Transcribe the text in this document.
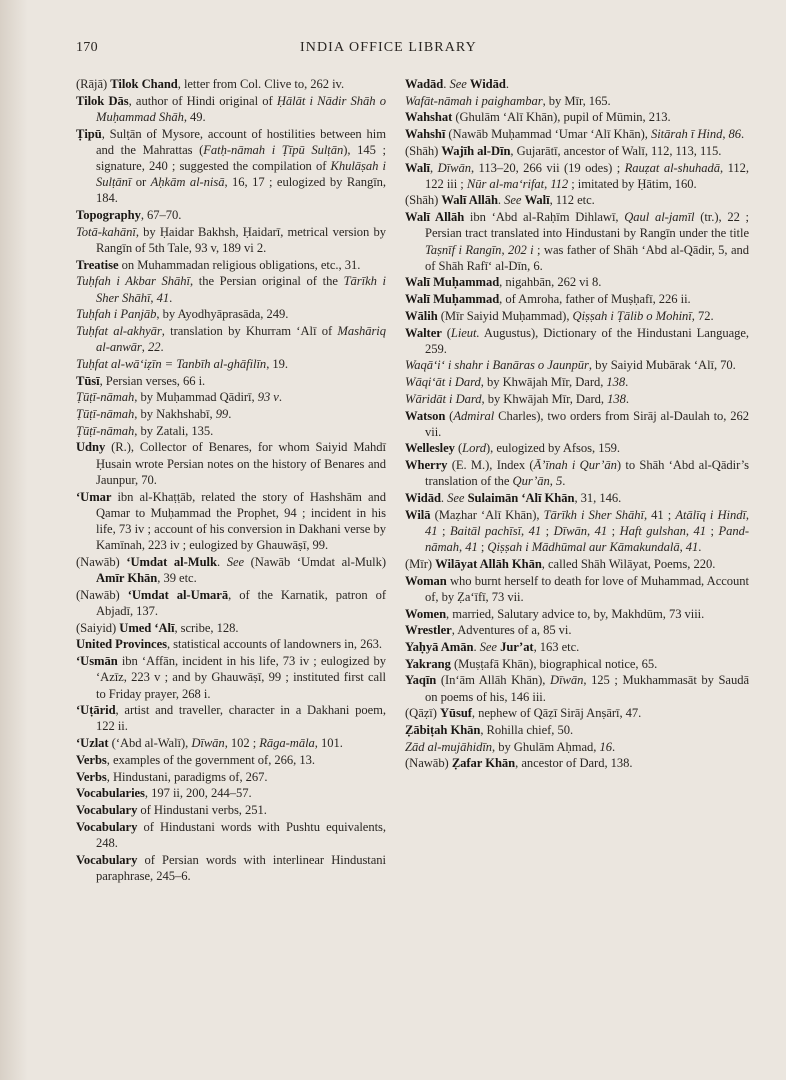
170	INDIA OFFICE LIBRARY

(Rājā) Tilok Chand, letter from Col. Clive to, 262 iv.

Tilok Dās, author of Hindi original of Ḥālāt i Nādir Shāh o Muḥammad Shāh, 49.

Ṭipū, Sulṭān of Mysore, account of hostilities between him and the Mahrattas (Fatḥ-nāmah i Ṭīpū Sulṭān), 145 ; signature, 240 ; suggested the compilation of Khulāṣah i Sulṭānī or Aḥkām al-nisā, 16, 17 ; eulogized by Rangīn, 184.

Topography, 67–70.

Totā-kahānī, by Ḥaidar Bakhsh, Ḥaidarī, metrical version by Rangīn of 5th Tale, 93 v, 189 vi 2.

Treatise on Muhammadan religious obligations, etc., 31.

Tuḥfah i Akbar Shāhī, the Persian original of the Tārīkh i Sher Shāhī, 41.

Tuḥfah i Panjāb, by Ayodhyāprasāda, 249.

Tuḥfat al-akhyār, translation by Khurram ‘Alī of Mashāriq al-anwār, 22.

Tuḥfat al-wā‘iẓīn = Tanbīh al-ghāfilīn, 19.

Tūsī, Persian verses, 66 i.

Ṭūṭī-nāmah, by Muḥammad Qādirī, 93 v.

Ṭūṭī-nāmah, by Nakhshabī, 99.

Ṭūṭī-nāmah, by Zatali, 135.

Udny (R.), Collector of Benares, for whom Saiyid Mahdī Ḥusain wrote Persian notes on the history of Benares and Jaunpur, 70.

‘Umar ibn al-Khaṭṭāb, related the story of Hashshām and Qamar to Muḥammad the Prophet, 94 ; incident in his life, 73 iv ; account of his conversion in Dakhani verse by Kamīnah, 223 iv ; eulogized by Ghauwāṣī, 99.

(Nawāb) ‘Umdat al-Mulk. See (Nawāb ‘Umdat al-Mulk) Amīr Khān, 39 etc.

(Nawāb) ‘Umdat al-Umarā, of the Karnatik, patron of Abjadī, 137.

(Saiyid) Umed ‘Alī, scribe, 128.

United Provinces, statistical accounts of landowners in, 263.

‘Usmān ibn ‘Affān, incident in his life, 73 iv ; eulogized by ‘Azīz, 223 v ; and by Ghauwāṣī, 99 ; instituted first call to Friday prayer, 268 i.

‘Uṭārid, artist and traveller, character in a Dakhani poem, 122 ii.

‘Uzlat (‘Abd al-Walī), Dīwān, 102 ; Rāga-māla, 101.

Verbs, examples of the government of, 266, 13.

Verbs, Hindustani, paradigms of, 267.

Vocabularies, 197 ii, 200, 244–57.

Vocabulary of Hindustani verbs, 251.

Vocabulary of Hindustani words with Pushtu equivalents, 248.

Vocabulary of Persian words with interlinear Hindustani paraphrase, 245–6.

Wadād. See Widād.

Wafāt-nāmah i paighambar, by Mīr, 165.

Wahshat (Ghulām ‘Alī Khān), pupil of Mūmin, 213.

Wahshī (Nawāb Muḥammad ‘Umar ‘Alī Khān), Sitārah ī Hind, 86.

(Shāh) Wajīh al-Dīn, Gujarātī, ancestor of Walī, 112, 113, 115.

Walī, Dīwān, 113–20, 266 vii (19 odes) ; Rauẓat al-shuhadā, 112, 122 iii ; Nūr al-ma‘rifat, 112 ; imitated by Ḥātim, 160.

(Shāh) Walī Allāh. See Walī, 112 etc.

Walī Allāh ibn ‘Abd al-Raḥīm Dihlawī, Qaul al-jamīl (tr.), 22 ; Persian tract translated into Hindustani by Rangīn under the title Taṣnīf i Rangīn, 202 i ; was father of Shāh ‘Abd al-Qādir, 5, and of Shāh Rafī‘ al-Dīn, 6.

Walī Muḥammad, nigahbān, 262 vi 8.

Walī Muḥammad, of Amroha, father of Muṣḥafī, 226 ii.

Wālih (Mīr Saiyid Muḥammad), Qiṣṣah i Ṭālib o Mohinī, 72.

Walter (Lieut. Augustus), Dictionary of the Hindustani Language, 259.

Waqā‘i‘ i shahr i Banāras o Jaunpūr, by Saiyid Mubārak ‘Alī, 70.

Wāqi‘āt i Dard, by Khwājah Mīr, Dard, 138.

Wāridāt i Dard, by Khwājah Mīr, Dard, 138.

Watson (Admiral Charles), two orders from Sirāj al-Daulah to, 262 vii.

Wellesley (Lord), eulogized by Afsos, 159.

Wherry (E. M.), Index (Ā’īnah i Qur’ān) to Shāh ‘Abd al-Qādir’s translation of the Qur’ān, 5.

Widād. See Sulaimān ‘Alī Khān, 31, 146.

Wilā (Maẓhar ‘Alī Khān), Tārīkh i Sher Shāhī, 41 ; Atālīq i Hindī, 41 ; Baitāl pachīsī, 41 ; Dīwān, 41 ; Haft gulshan, 41 ; Pand-nāmah, 41 ; Qiṣṣah i Mādhūmal aur Kāmakundalā, 41.

(Mīr) Wilāyat Allāh Khān, called Shāh Wilāyat, Poems, 220.

Woman who burnt herself to death for love of Muhammad, Account of, by Ẓa‘īfī, 73 vii.

Women, married, Salutary advice to, by, Makhdūm, 73 viii.

Wrestler, Adventures of a, 85 vi.

Yaḥyā Amān. See Jur’at, 163 etc.

Yakrang (Muṣṭafā Khān), biographical notice, 65.

Yaqīn (In‘ām Allāh Khān), Dīwān, 125 ; Mukhammasāt by Saudā on poems of his, 146 iii.

(Qāẓī) Yūsuf, nephew of Qāẓī Sirāj Anṣārī, 47.

Ẓābiṭah Khān, Rohilla chief, 50.

Zād al-mujāhidīn, by Ghulām Aḥmad, 16.

(Nawāb) Ẓafar Khān, ancestor of Dard, 138.
